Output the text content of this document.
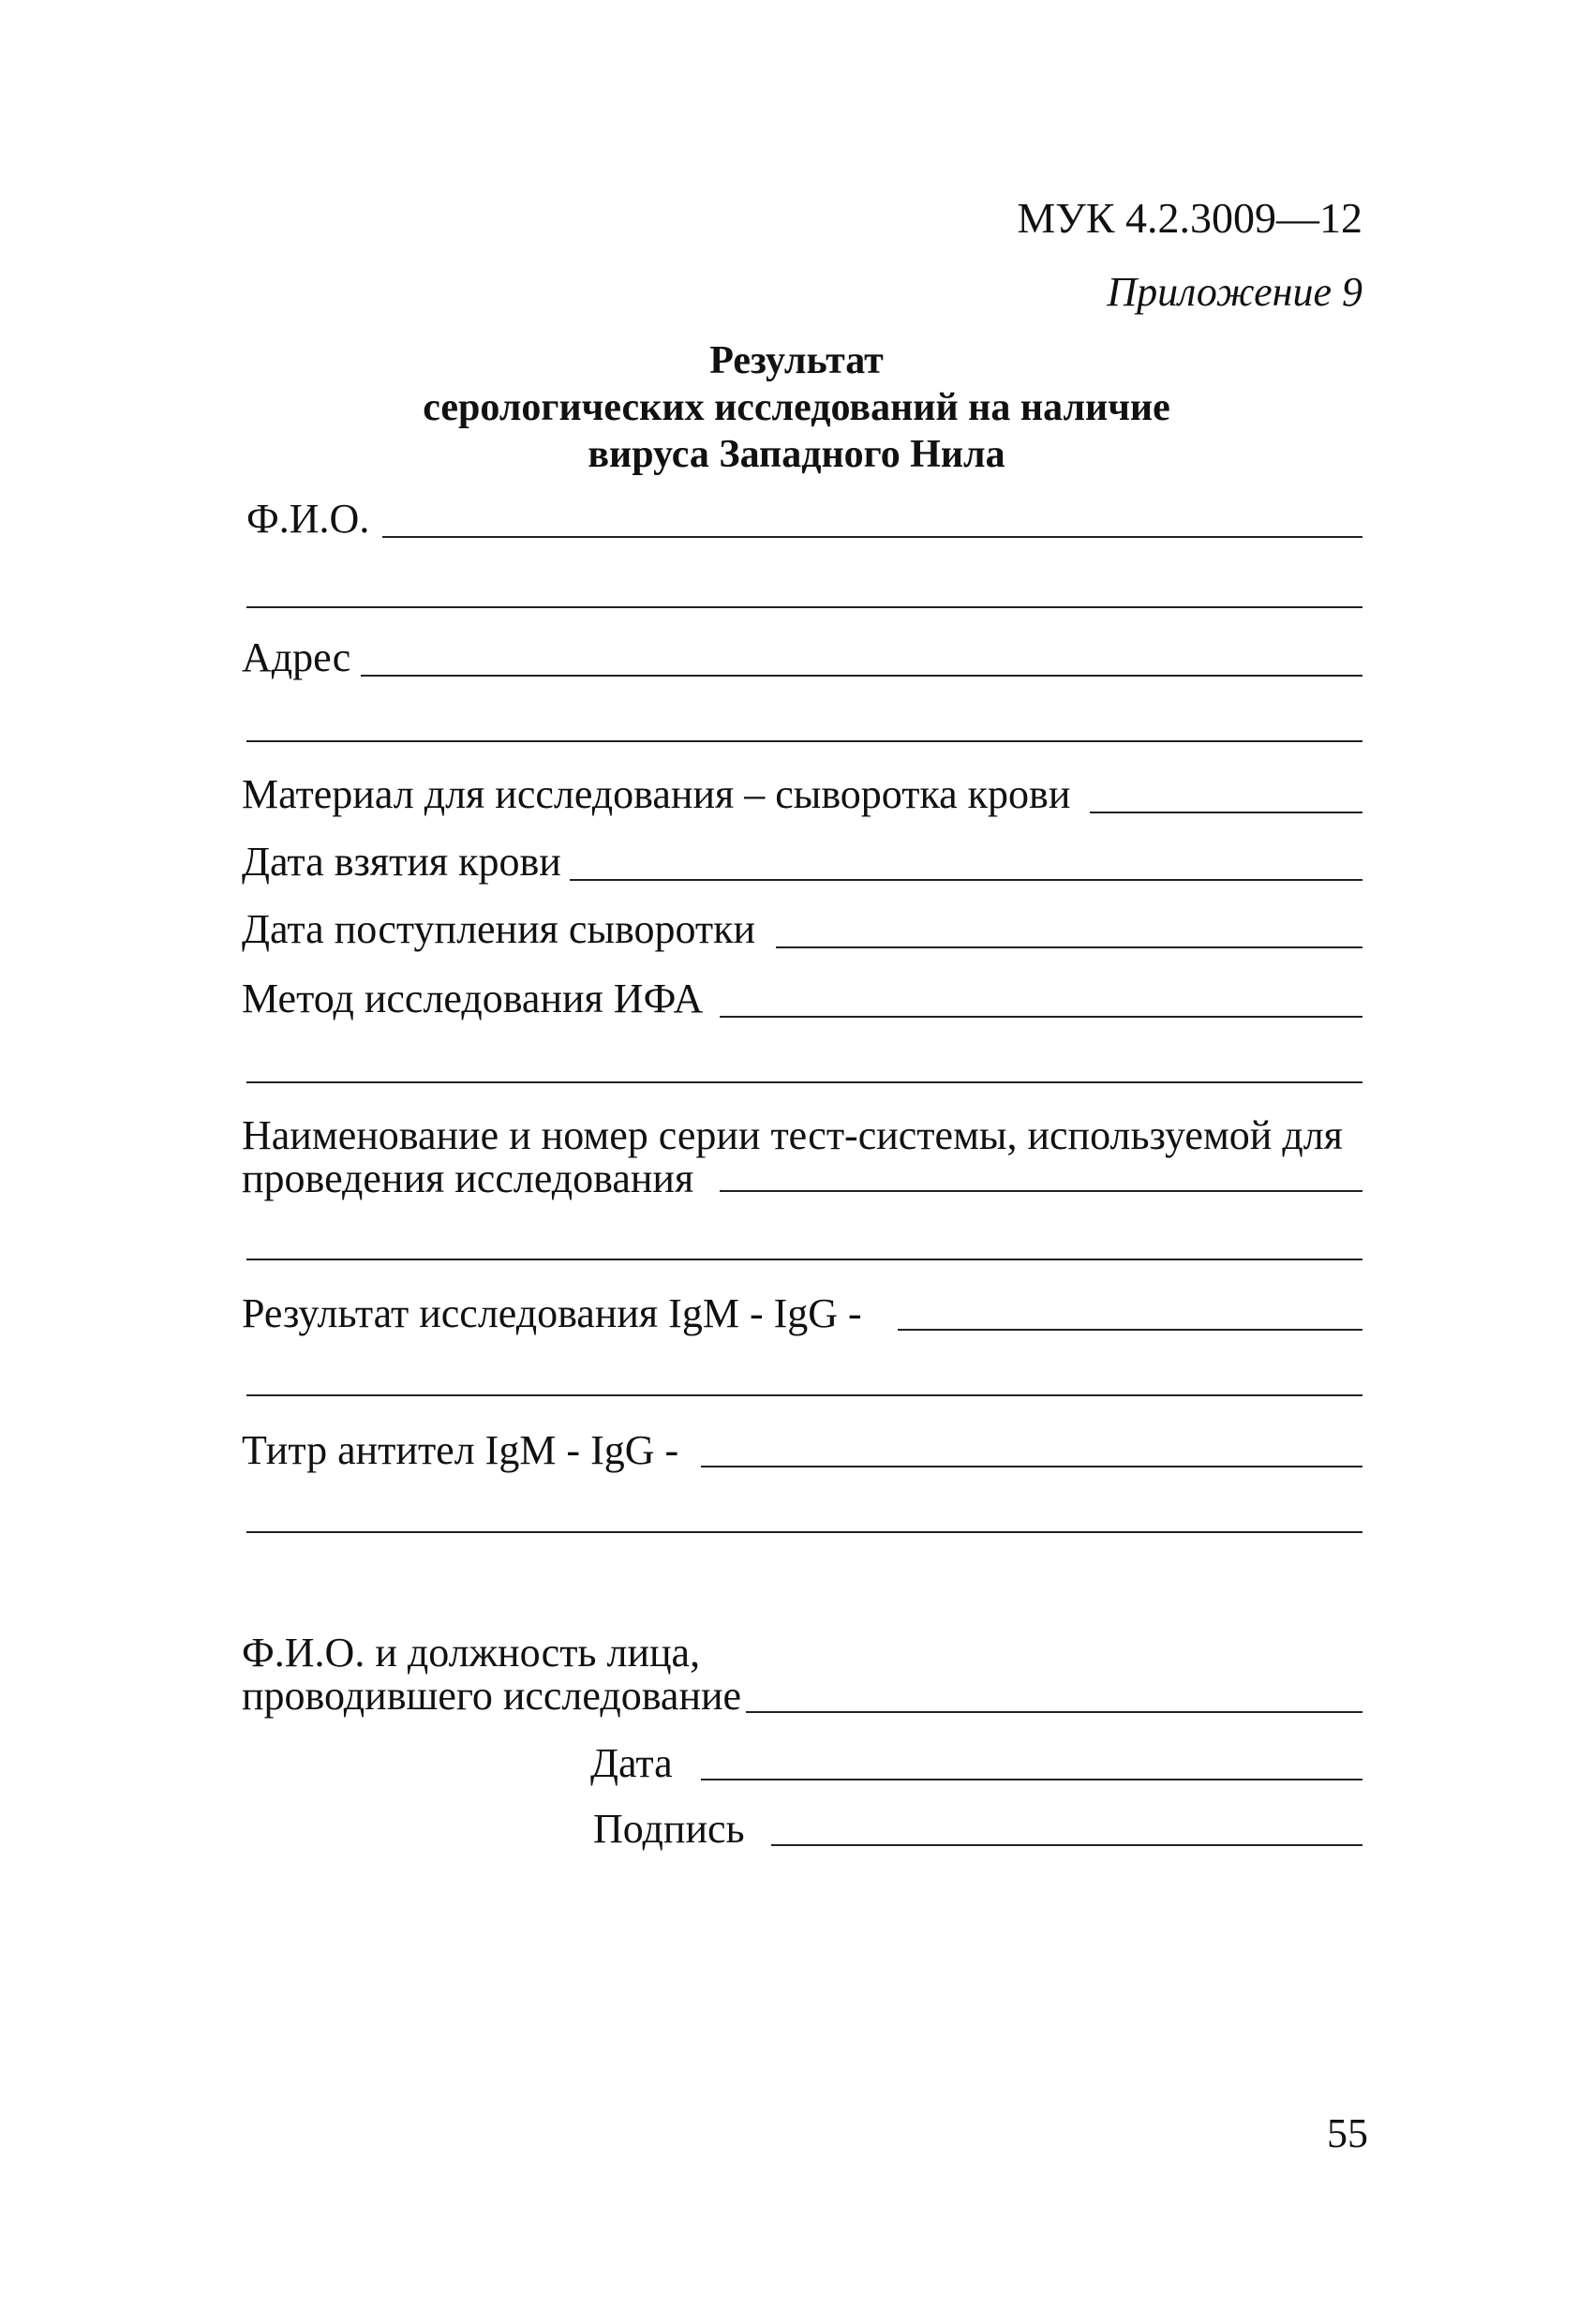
МУК 4.2.3009—12
Приложение 9
Результат
серологических исследований на наличие
вируса Западного Нила
Ф.И.О.
Адрес
Материал для исследования – сыворотка крови
Дата взятия крови
Дата поступления сыворотки
Метод исследования ИФА
Наименование и номер серии тест-системы, используемой для
проведения исследования
Результат исследования IgM - IgG -
Титр антител IgM - IgG -
Ф.И.О. и должность лица,
проводившего исследование
Дата
Подпись
55
